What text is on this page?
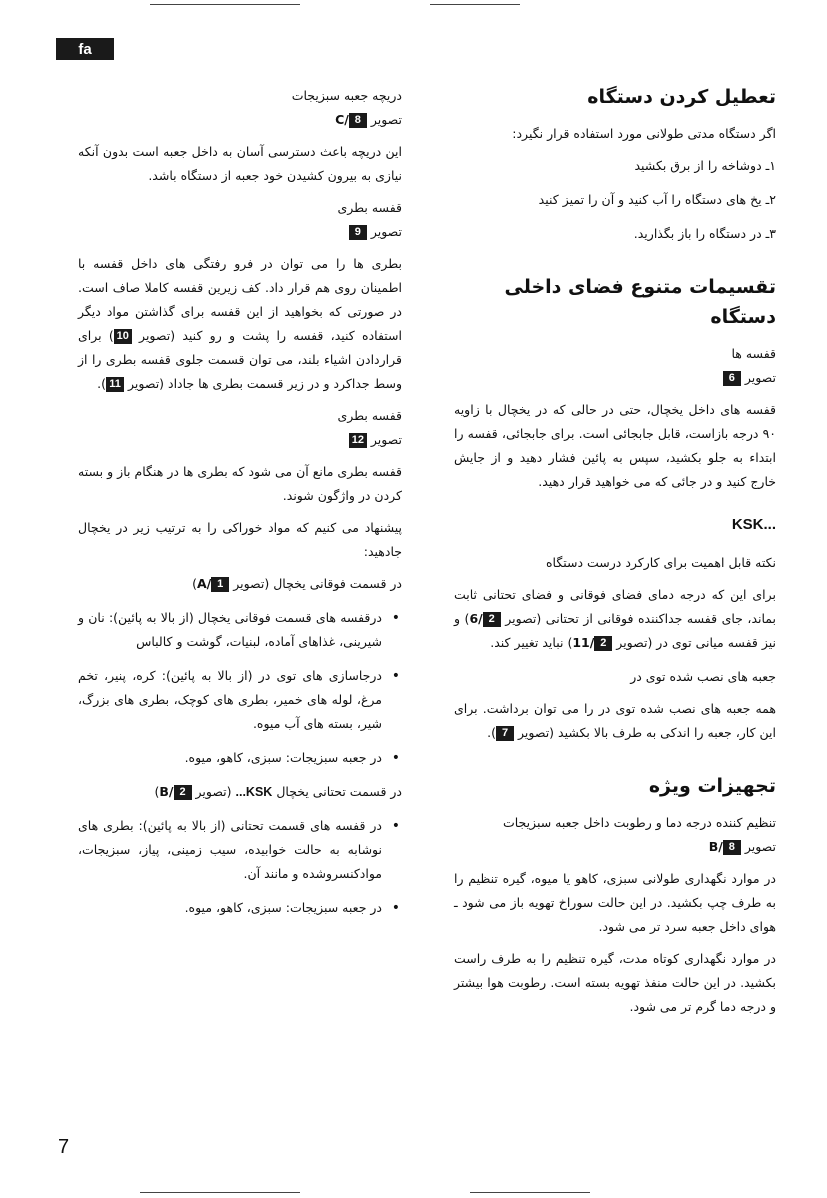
fa
تعطیل کردن دستگاه

اگر دستگاه مدتی طولانی مورد استفاده قرار نگیرد:

۱ـ دوشاخه را از برق بکشید
۲ـ یخ های دستگاه را آب کنید و آن را تمیز کنید
۳ـ در دستگاه را باز بگذارید.
تقسیمات متنوع فضای داخلی دستگاه
قفسه ها
تصویر 6

قفسه های داخل یخچال، حتی در حالی که در یخچال با زاویه ۹۰ درجه بازاست، قابل جابجائی است. برای جابجائی، قفسه را ابتداء به جلو بکشید، سپس به پائین فشار دهید و از جایش خارج کنید و در جائی که می خواهید قرار دهید.

KSK...
نکته قابل اهمیت برای کارکرد درست دستگاه

برای این که درجه دمای فضای فوقانی و فضای تحتانی ثابت بماند، جای قفسه جداکننده فوقانی از تحتانی (تصویر 2/6) و نیز قفسه میانی توی در (تصویر 2/11) نباید تغییر کند.

جعبه های نصب شده توی در

همه جعبه های نصب شده توی در را می توان برداشت. برای این کار، جعبه را اندکی به طرف بالا بکشید (تصویر 7).

تجهیزات ویژه
تنظیم کننده درجه دما و رطوبت داخل جعبه سبزیجات
تصویر 8/B

در موارد نگهداری طولانی سبزی، کاهو یا میوه، گیره تنظیم را به طرف چپ بکشید. در این حالت سوراخ تهویه باز می شود ـ هوای داخل جعبه سرد تر می شود.

در موارد نگهداری کوتاه مدت، گیره تنظیم را به طرف راست بکشید. در این حالت منفذ تهویه بسته است. رطوبت هوا بیشتر و درجه دما گرم تر می شود.

دریچه جعبه سبزیجات
تصویر 8/C

این دریچه باعث دسترسی آسان به داخل جعبه است بدون آنکه نیازی به بیرون کشیدن خود جعبه از دستگاه باشد.

قفسه بطری
تصویر 9

بطری ها را می توان در فرو رفتگی های داخل قفسه با اطمینان روی هم قرار داد. کف زیرین قفسه کاملا صاف است. در صورتی که بخواهید از این قفسه برای گذاشتن مواد دیگر استفاده کنید، قفسه را پشت و رو کنید (تصویر 10) برای قراردادن اشیاء بلند، می توان قسمت جلوی قفسه بطری را از وسط جداکرد و در زیر قسمت بطری ها جاداد (تصویر 11).

قفسه بطری
تصویر 12

قفسه بطری مانع آن می شود که بطری ها در هنگام باز و بسته کردن در واژگون شوند.

پیشنهاد می کنیم که مواد خوراکی را به ترتیب زیر در یخچال جادهید:

در قسمت فوقانی یخچال (تصویر 1/A)
• درقفسه های قسمت فوقانی یخچال (از بالا به پائین): نان و شیرینی، غذاهای آماده، لبنیات، گوشت و کالباس
• درجاسازی های توی در (از بالا به پائین): کره، پنیر، تخم مرغ، لوله های خمیر، بطری های کوچک، بطری های بزرگ، شیر، بسته های آب میوه.
• در جعبه سبزیجات: سبزی، کاهو، میوه.
در قسمت تحتانی یخچال KSK... (تصویر 2/B)
• در قفسه های قسمت تحتانی (از بالا به پائین): بطری های نوشابه به حالت خوابیده، سیب زمینی، پیاز، سبزیجات، موادکنسروشده و مانند آن.
• در جعبه سبزیجات: سبزی، کاهو، میوه.
7
